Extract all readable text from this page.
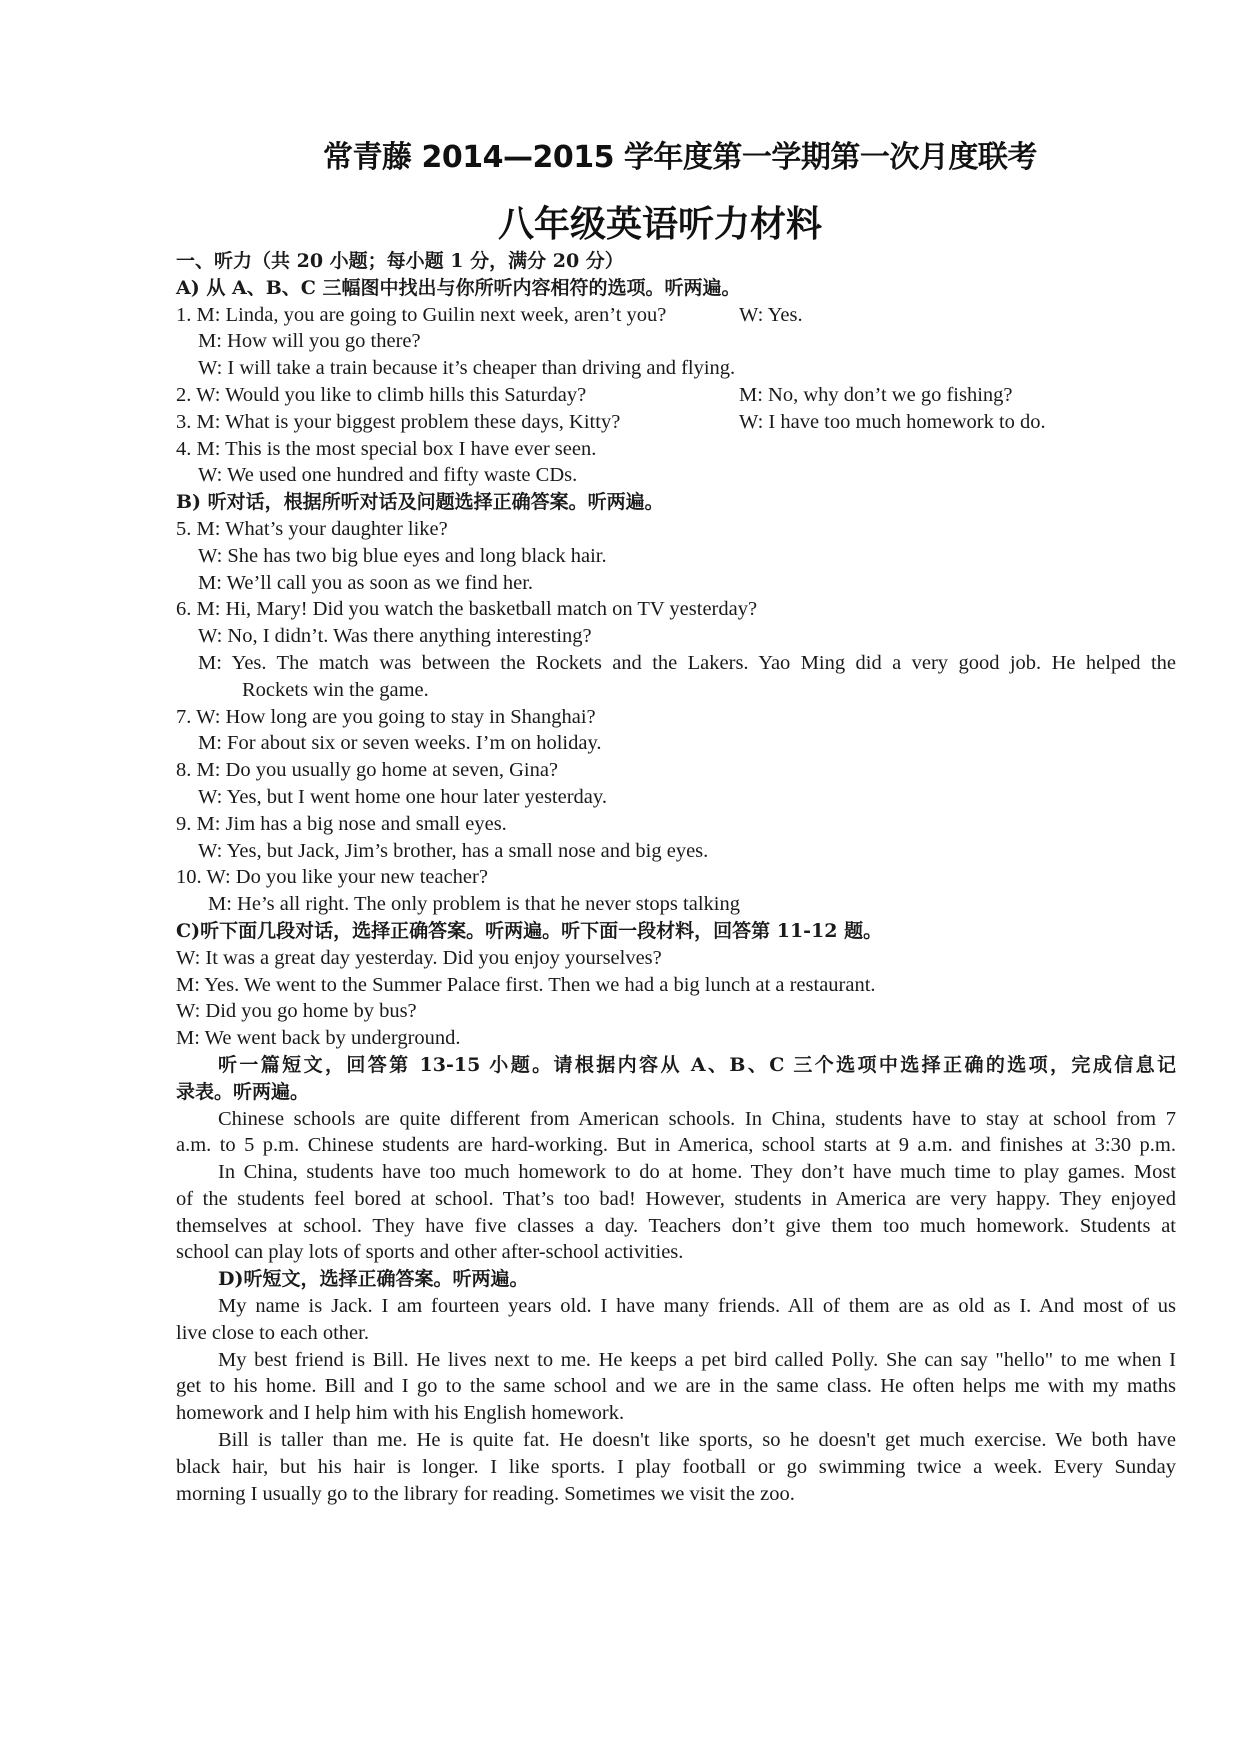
常青藤 2014—2015 学年度第一学期第一次月度联考
八年级英语听力材料
一、听力（共 20 小题；每小题 1 分，满分 20 分）
A) 从 A、B、C 三幅图中找出与你所听内容相符的选项。听两遍。
1. M: Linda, you are going to Guilin next week, aren’t you?	W: Yes.
M: How will you go there?
W: I will take a train because it’s cheaper than driving and flying.
2. W: Would you like to climb hills this Saturday?	M: No, why don’t we go fishing?
3. M: What is your biggest problem these days, Kitty?	W: I have too much homework to do.
4. M: This is the most special box I have ever seen.
W: We used one hundred and fifty waste CDs.
B) 听对话，根据所听对话及问题选择正确答案。听两遍。
5. M: What’s your daughter like?
W: She has two big blue eyes and long black hair.
M: We’ll call you as soon as we find her.
6. M: Hi, Mary! Did you watch the basketball match on TV yesterday?
W: No, I didn’t. Was there anything interesting?
M: Yes. The match was between the Rockets and the Lakers. Yao Ming did a very good job. He helped the
Rockets win the game.
7. W: How long are you going to stay in Shanghai?
M: For about six or seven weeks. I’m on holiday.
8. M: Do you usually go home at seven, Gina?
W: Yes, but I went home one hour later yesterday.
9. M: Jim has a big nose and small eyes.
W: Yes, but Jack, Jim’s brother, has a small nose and big eyes.
10. W: Do you like your new teacher?
M: He’s all right. The only problem is that he never stops talking
C)听下面几段对话，选择正确答案。听两遍。听下面一段材料，回答第 11-12 题。
W: It was a great day yesterday. Did you enjoy yourselves?
M: Yes. We went to the Summer Palace first. Then we had a big lunch at a restaurant.
W: Did you go home by bus?
M: We went back by underground.
听一篇短文，回答第 13-15 小题。请根据内容从 A、B、C 三个选项中选择正确的选项，完成信息记
录表。听两遍。
Chinese schools are quite different from American schools. In China, students have to stay at school from 7
a.m. to 5 p.m. Chinese students are hard-working. But in America, school starts at 9 a.m. and finishes at 3:30 p.m.
In China, students have too much homework to do at home. They don’t have much time to play games. Most
of the students feel bored at school. That’s too bad! However, students in America are very happy. They enjoyed
themselves at school. They have five classes a day. Teachers don’t give them too much homework. Students at
school can play lots of sports and other after-school activities.
D)听短文，选择正确答案。听两遍。
My name is Jack. I am fourteen years old. I have many friends. All of them are as old as I. And most of us
live close to each other.
My best friend is Bill. He lives next to me. He keeps a pet bird called Polly. She can say "hello" to me when I
get to his home. Bill and I go to the same school and we are in the same class. He often helps me with my maths
homework and I help him with his English homework.
Bill is taller than me. He is quite fat. He doesn't like sports, so he doesn't get much exercise. We both have
black hair, but his hair is longer. I like sports. I play football or go swimming twice a week. Every Sunday
morning I usually go to the library for reading. Sometimes we visit the zoo.
